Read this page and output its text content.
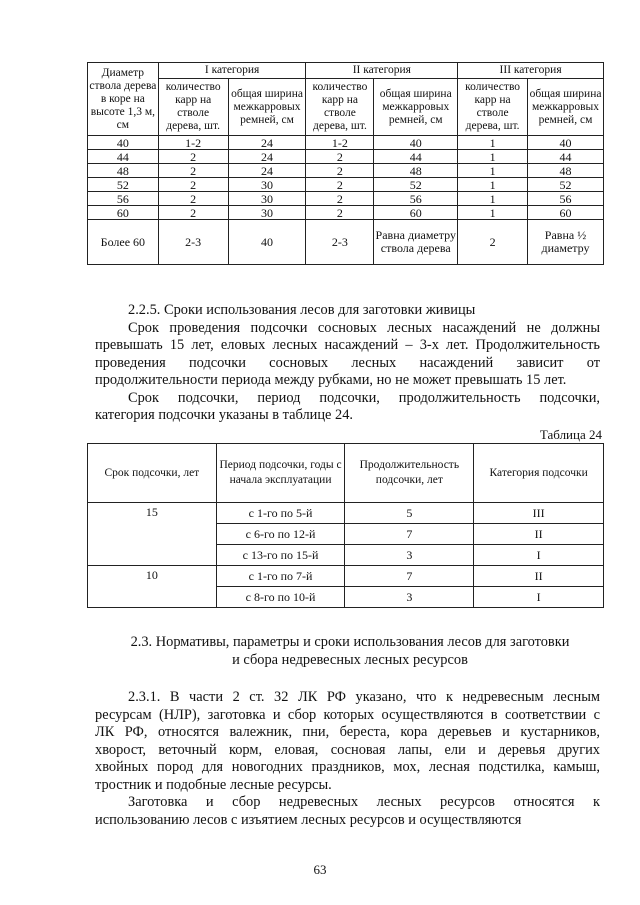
Диаметр ствола дерева в коре на высоте 1,3 м, см	I категория		II категория		III категория	
	количество карр на стволе дерева, шт.	общая ширина межкарровых ремней, см	количество карр на стволе дерева, шт.	общая ширина межкарровых ремней, см	количество карр на стволе дерева, шт.	общая ширина межкарровых ремней, см
40	1-2	24	1-2	40	1	40
44	2	24	2	44	1	44
48	2	24	2	48	1	48
52	2	30	2	52	1	52
56	2	30	2	56	1	56
60	2	30	2	60	1	60
Более 60	2-3	40	2-3	Равна диаметру ствола дерева	2	Равна ½ диаметру
2.2.5. Сроки использования лесов для заготовки живицы
Срок проведения подсочки сосновых лесных насаждений не должны
превышать 15 лет, еловых лесных насаждений – 3-х лет. Продолжительность
проведения подсочки сосновых лесных насаждений зависит от
продолжительности периода между рубками, но не может превышать 15 лет.
Срок подсочки, период подсочки, продолжительность подсочки,
категория подсочки указаны в таблице 24.
Таблица 24
Срок подсочки, лет	Период подсочки, годы с начала эксплуатации	Продолжительность подсочки, лет	Категория подсочки
15	с 1-го по 5-й	5	III
	с 6-го по 12-й	7	II
	с 13-го по 15-й	3	I
10	с 1-го по 7-й	7	II
	с 8-го по 10-й	3	I
2.3. Нормативы, параметры и сроки использования лесов для заготовки
и сбора недревесных лесных ресурсов
2.3.1. В части 2 ст. 32 ЛК РФ указано, что к недревесным лесным
ресурсам (НЛР), заготовка и сбор которых осуществляются в соответствии с
ЛК РФ, относятся валежник, пни, береста, кора деревьев и кустарников,
хворост, веточный корм, еловая, сосновая лапы, ели и деревья других
хвойных пород для новогодних праздников, мох, лесная подстилка, камыш,
тростник и подобные лесные ресурсы.
Заготовка и сбор недревесных лесных ресурсов относятся к
использованию лесов с изъятием лесных ресурсов и осуществляются
63
